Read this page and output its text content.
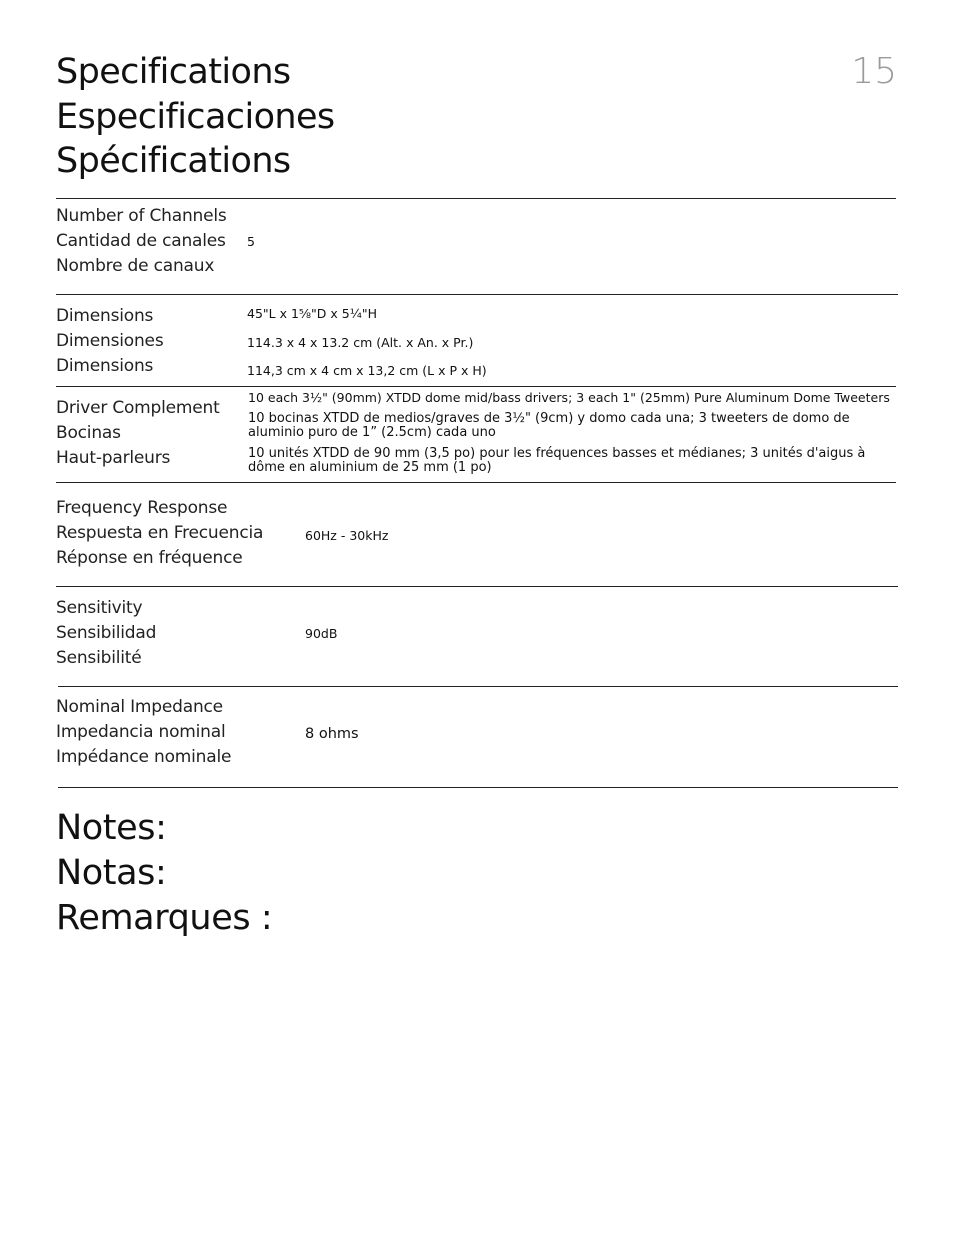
15
Specifications
Especificaciones
Spécifications
Number of Channels
Cantidad de canales
Nombre de canaux
5
Dimensions
Dimensiones
Dimensions
45"L x 1⅝"D x 5¼"H
114.3 x 4 x 13.2 cm (Alt. x An. x Pr.)
114,3 cm x 4 cm x 13,2 cm (L x P x H)
Driver Complement
Bocinas
Haut-parleurs
10 each 3½" (90mm) XTDD dome mid/bass drivers; 3 each 1" (25mm) Pure Aluminum Dome Tweeters
10 bocinas XTDD de medios/graves de 3½" (9cm) y domo cada una; 3 tweeters de domo de aluminio puro de 1” (2.5cm) cada uno
10 unités XTDD de 90 mm (3,5 po) pour les fréquences basses et médianes; 3 unités d'aigus à dôme en aluminium de 25 mm (1 po)
Frequency Response
Respuesta en Frecuencia
Réponse en fréquence
60Hz - 30kHz
Sensitivity
Sensibilidad
Sensibilité
90dB
Nominal Impedance
Impedancia nominal
Impédance nominale
8 ohms
Notes:
Notas:
Remarques :
